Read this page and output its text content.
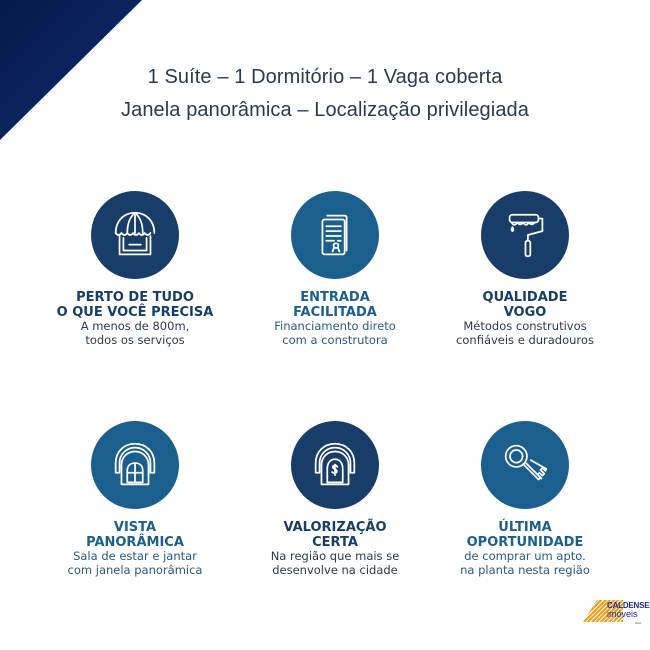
1 Suíte – 1 Dormitório – 1 Vaga coberta
Janela panorâmica – Localização privilegiada
PERTO DE TUDO
O QUE VOCÊ PRECISA
A menos de 800m,
todos os serviços
ENTRADA
FACILITADA
Financiamento direto
com a construtora
QUALIDADE
VOGO
Métodos construtivos
confiáveis e duradouros
VISTA
PANORÂMICA
Sala de estar e jantar
com janela panorâmica
VALORIZAÇÃO
CERTA
Na região que mais se
desenvolve na cidade
ÚLTIMA
OPORTUNIDADE
de comprar um apto.
na planta nesta região
CALDENSE
imóveis
creci
